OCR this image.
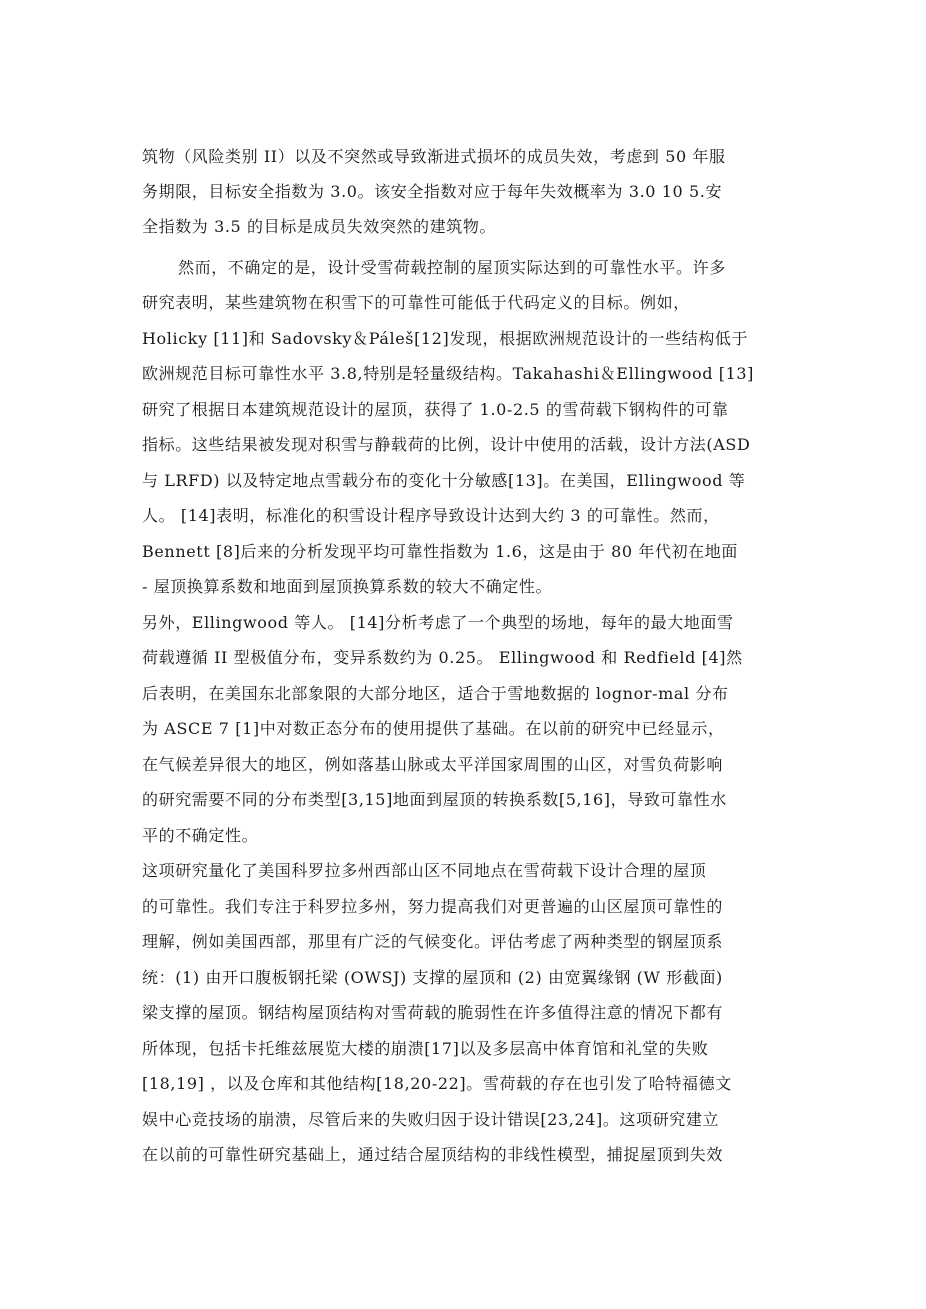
筑物（风险类别 II）以及不突然或导致渐进式损坏的成员失效，考虑到 50 年服
务期限，目标安全指数为 3.0。该安全指数对应于每年失效概率为 3.0 10 5.安
全指数为 3.5 的目标是成员失效突然的建筑物。
然而，不确定的是，设计受雪荷载控制的屋顶实际达到的可靠性水平。许多
研究表明，某些建筑物在积雪下的可靠性可能低于代码定义的目标。例如，
Holicky [11]和 Sadovsky＆Páleš[12]发现，根据欧洲规范设计的一些结构低于
欧洲规范目标可靠性水平 3.8,特别是轻量级结构。Takahashi＆Ellingwood [13]
研究了根据日本建筑规范设计的屋顶，获得了 1.0-2.5 的雪荷载下钢构件的可靠
指标。这些结果被发现对积雪与静载荷的比例，设计中使用的活载，设计方法(ASD
与 LRFD) 以及特定地点雪载分布的变化十分敏感[13]。在美国，Ellingwood 等
人。 [14]表明，标准化的积雪设计程序导致设计达到大约 3 的可靠性。然而，
Bennett [8]后来的分析发现平均可靠性指数为 1.6，这是由于 80 年代初在地面
- 屋顶换算系数和地面到屋顶换算系数的较大不确定性。
另外，Ellingwood 等人。 [14]分析考虑了一个典型的场地，每年的最大地面雪
荷载遵循 II 型极值分布，变异系数约为 0.25。 Ellingwood 和 Redfield [4]然
后表明，在美国东北部象限的大部分地区，适合于雪地数据的 lognor-mal 分布
为 ASCE 7 [1]中对数正态分布的使用提供了基础。在以前的研究中已经显示，
在气候差异很大的地区，例如落基山脉或太平洋国家周围的山区，对雪负荷影响
的研究需要不同的分布类型[3,15]地面到屋顶的转换系数[5,16]，导致可靠性水
平的不确定性。
这项研究量化了美国科罗拉多州西部山区不同地点在雪荷载下设计合理的屋顶
的可靠性。我们专注于科罗拉多州，努力提高我们对更普遍的山区屋顶可靠性的
理解，例如美国西部，那里有广泛的气候变化。评估考虑了两种类型的钢屋顶系
统：(1) 由开口腹板钢托梁 (OWSJ) 支撑的屋顶和 (2) 由宽翼缘钢 (W 形截面)
梁支撑的屋顶。钢结构屋顶结构对雪荷载的脆弱性在许多值得注意的情况下都有
所体现，包括卡托维兹展览大楼的崩溃[17]以及多层高中体育馆和礼堂的失败
[18,19] ，以及仓库和其他结构[18,20-22]。雪荷载的存在也引发了哈特福德文
娱中心竞技场的崩溃，尽管后来的失败归因于设计错误[23,24]。这项研究建立
在以前的可靠性研究基础上，通过结合屋顶结构的非线性模型，捕捉屋顶到失效
